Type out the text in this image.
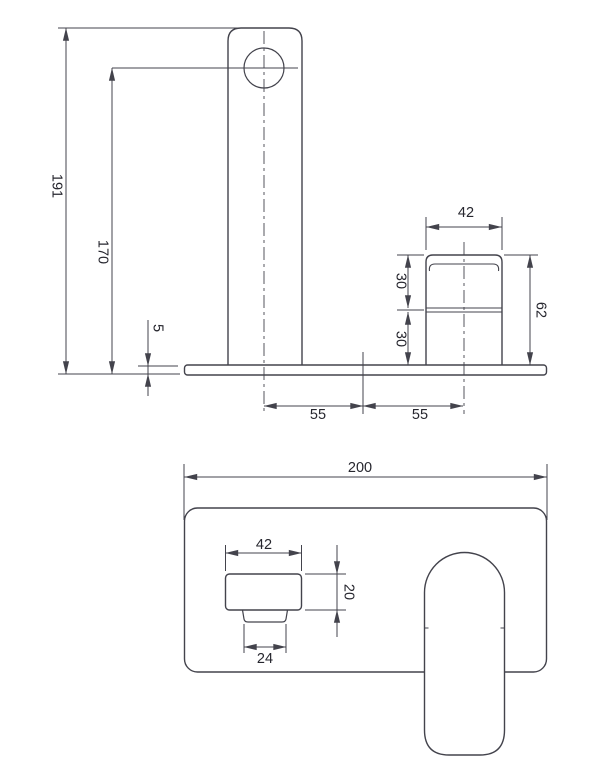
191
170
5
42
30
30
62
55	55
200
42
20
24
